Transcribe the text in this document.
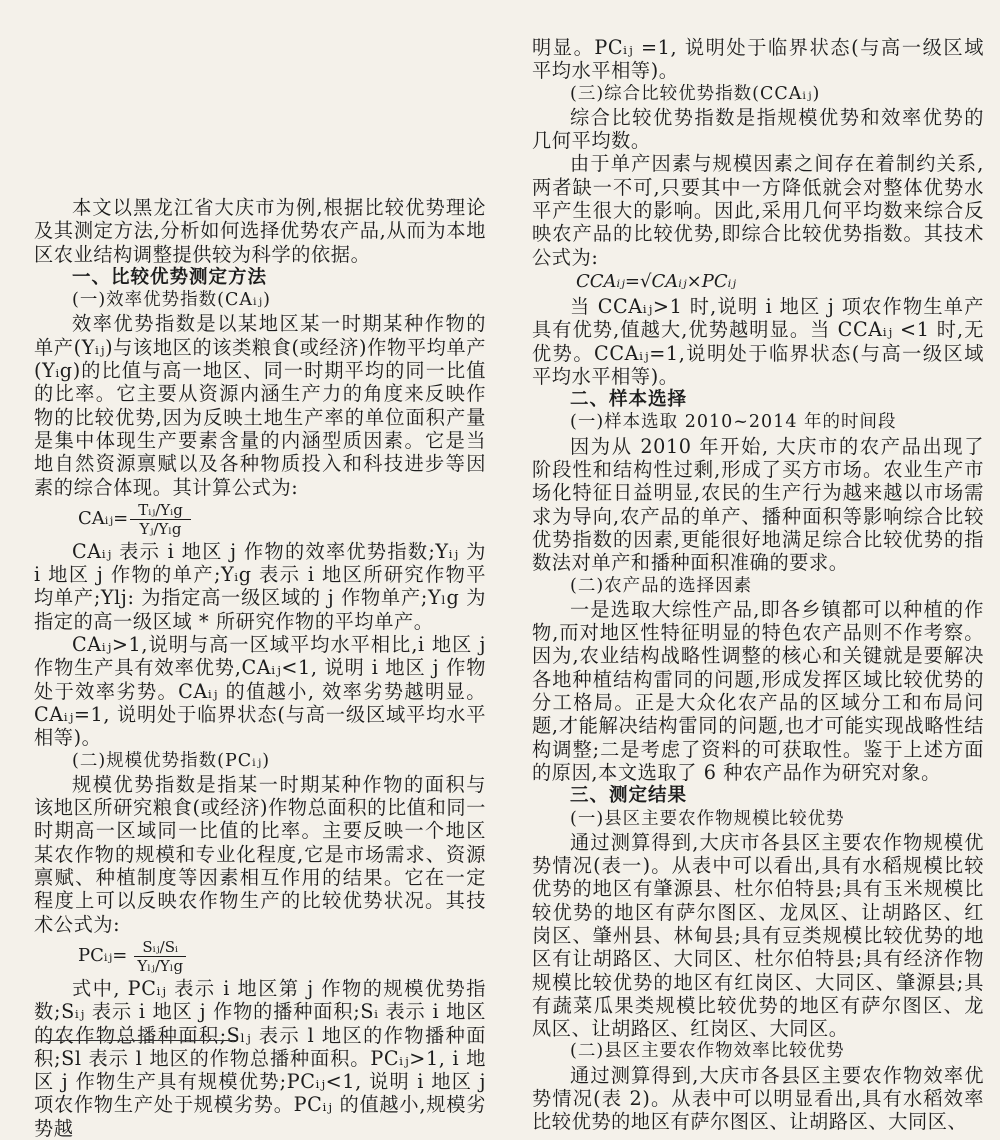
本文以黑龙江省大庆市为例,根据比较优势理论及其测定方法,分析如何选择优势农产品,从而为本地区农业结构调整提供较为科学的依据。

一、比较优势测定方法

(一)效率优势指数(CAᵢⱼ)

效率优势指数是以某地区某一时期某种作物的单产(Yᵢⱼ)与该地区的该类粮食(或经济)作物平均单产(Yᵢg)的比值与高一地区、同一时期平均的同一比值的比率。它主要从资源内涵生产力的角度来反映作物的比较优势,因为反映土地生产率的单位面积产量是集中体现生产要素含量的内涵型质因素。它是当地自然资源禀赋以及各种物质投入和科技进步等因素的综合体现。其计算公式为:

CAᵢⱼ= $\frac{\text{Tᵢⱼ/Yᵢg}}{\text{Yⱼ/Yₗg}}$

CAᵢⱼ 表示 i 地区 j 作物的效率优势指数;Yᵢⱼ 为 i 地区 j 作物的单产;Yᵢg 表示 i 地区所研究作物平均单产;Ylj: 为指定高一级区域的 j 作物单产;Yₗg 为指定的高一级区域 * 所研究作物的平均单产。

CAᵢⱼ>1,说明与高一区域平均水平相比,i 地区 j 作物生产具有效率优势,CAᵢⱼ<1, 说明 i 地区 j 作物处于效率劣势。CAᵢⱼ 的值越小, 效率劣势越明显。CAᵢⱼ=1, 说明处于临界状态(与高一级区域平均水平相等)。

(二)规模优势指数(PCᵢⱼ)

规模优势指数是指某一时期某种作物的面积与该地区所研究粮食(或经济)作物总面积的比值和同一时期高一区域同一比值的比率。主要反映一个地区某农作物的规模和专业化程度,它是市场需求、资源禀赋、种植制度等因素相互作用的结果。它在一定程度上可以反映农作物生产的比较优势状况。其技术公式为:

PCᵢⱼ= $\frac{\text{Sᵢⱼ/Sᵢ}}{\text{Yₗⱼ/Yₗg}}$

式中, PCᵢⱼ 表示 i 地区第 j 作物的规模优势指数;Sᵢⱼ 表示 i 地区 j 作物的播种面积;Sᵢ 表示 i 地区的农作物总播种面积;Sₗⱼ 表示 l 地区的作物播种面积;Sl 表示 l 地区的作物总播种面积。PCᵢⱼ>1, i 地区 j 作物生产具有规模优势;PCᵢⱼ<1, 说明 i 地区 j 项农作物生产处于规模劣势。PCᵢⱼ 的值越小,规模劣势越

明显。PCᵢⱼ =1, 说明处于临界状态(与高一级区域平均水平相等)。

(三)综合比较优势指数(CCAᵢⱼ)

综合比较优势指数是指规模优势和效率优势的几何平均数。

由于单产因素与规模因素之间存在着制约关系,两者缺一不可,只要其中一方降低就会对整体优势水平产生很大的影响。因此,采用几何平均数来综合反映农产品的比较优势,即综合比较优势指数。其技术公式为:

CCAᵢⱼ=√CAᵢⱼ×PCᵢⱼ

当 CCAᵢⱼ>1 时,说明 i 地区 j 项农作物生单产具有优势,值越大,优势越明显。当 CCAᵢⱼ <1 时,无优势。CCAᵢⱼ=1,说明处于临界状态(与高一级区域平均水平相等)。

二、样本选择

(一)样本选取 2010~2014 年的时间段

因为从 2010 年开始, 大庆市的农产品出现了阶段性和结构性过剩,形成了买方市场。农业生产市场化特征日益明显,农民的生产行为越来越以市场需求为导向,农产品的单产、播种面积等影响综合比较优势指数的因素,更能很好地满足综合比较优势的指数法对单产和播种面积准确的要求。

(二)农产品的选择因素

一是选取大综性产品,即各乡镇都可以种植的作物,而对地区性特征明显的特色农产品则不作考察。因为,农业结构战略性调整的核心和关键就是要解决各地种植结构雷同的问题,形成发挥区域比较优势的分工格局。正是大众化农产品的区域分工和布局问题,才能解决结构雷同的问题,也才可能实现战略性结构调整;二是考虑了资料的可获取性。鉴于上述方面的原因,本文选取了 6 种农产品作为研究对象。

三、测定结果

(一)县区主要农作物规模比较优势

通过测算得到,大庆市各县区主要农作物规模优势情况(表一)。从表中可以看出,具有水稻规模比较优势的地区有肇源县、杜尔伯特县;具有玉米规模比较优势的地区有萨尔图区、龙凤区、让胡路区、红岗区、肇州县、林甸县;具有豆类规模比较优势的地区有让胡路区、大同区、杜尔伯特县;具有经济作物规模比较优势的地区有红岗区、大同区、肇源县;具有蔬菜瓜果类规模比较优势的地区有萨尔图区、龙凤区、让胡路区、红岗区、大同区。

(二)县区主要农作物效率比较优势

通过测算得到,大庆市各县区主要农作物效率优势情况(表 2)。从表中可以明显看出,具有水稻效率比较优势的地区有萨尔图区、让胡路区、大同区、
